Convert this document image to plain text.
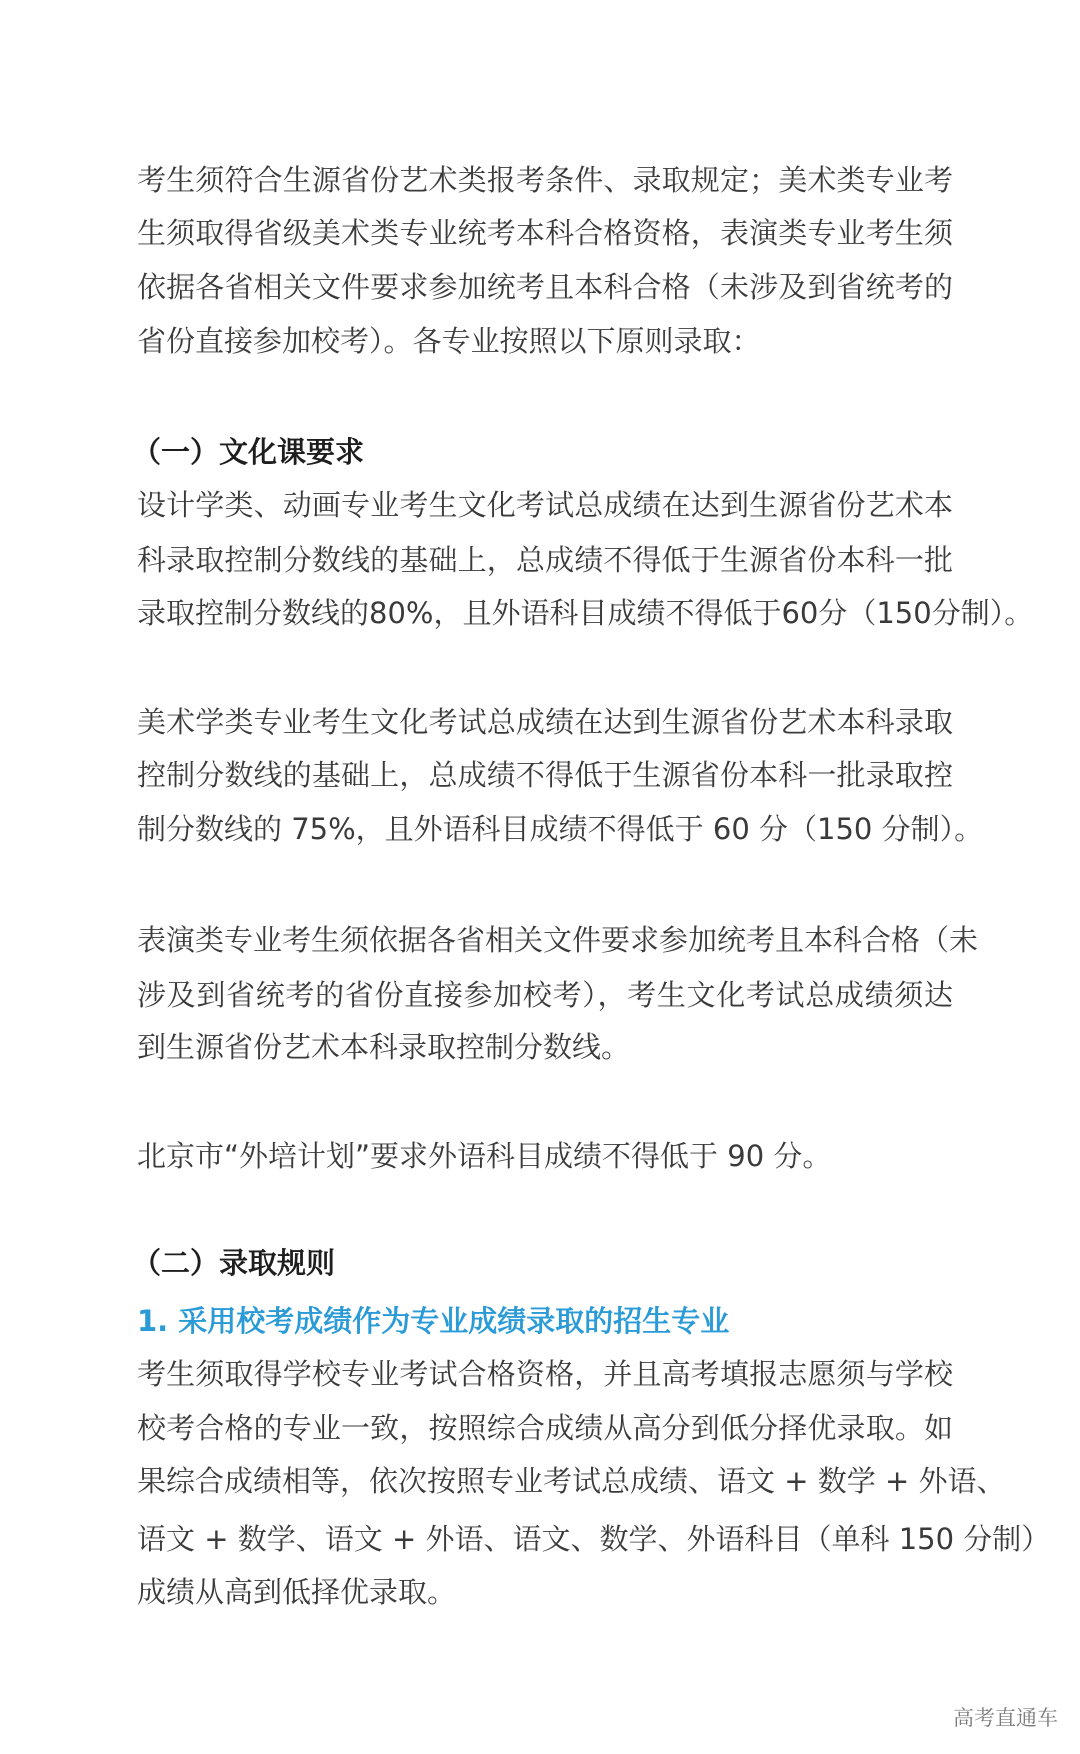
考生须符合生源省份艺术类报考条件、录取规定；美术类专业考
生须取得省级美术类专业统考本科合格资格，表演类专业考生须
依据各省相关文件要求参加统考且本科合格（未涉及到省统考的
省份直接参加校考）。各专业按照以下原则录取：
（一）文化课要求
设计学类、动画专业考生文化考试总成绩在达到生源省份艺术本
科录取控制分数线的基础上，总成绩不得低于生源省份本科一批
录取控制分数线的80%，且外语科目成绩不得低于60分（150分制）。
美术学类专业考生文化考试总成绩在达到生源省份艺术本科录取
控制分数线的基础上，总成绩不得低于生源省份本科一批录取控
制分数线的 75%，且外语科目成绩不得低于 60 分（150 分制）。
表演类专业考生须依据各省相关文件要求参加统考且本科合格（未
涉及到省统考的省份直接参加校考），考生文化考试总成绩须达
到生源省份艺术本科录取控制分数线。
北京市“外培计划”要求外语科目成绩不得低于 90 分。
（二）录取规则
1. 采用校考成绩作为专业成绩录取的招生专业
考生须取得学校专业考试合格资格，并且高考填报志愿须与学校
校考合格的专业一致，按照综合成绩从高分到低分择优录取。如
果综合成绩相等，依次按照专业考试总成绩、语文 + 数学 + 外语、
语文 + 数学、语文 + 外语、语文、数学、外语科目（单科 150 分制）
成绩从高到低择优录取。
高考直通车
